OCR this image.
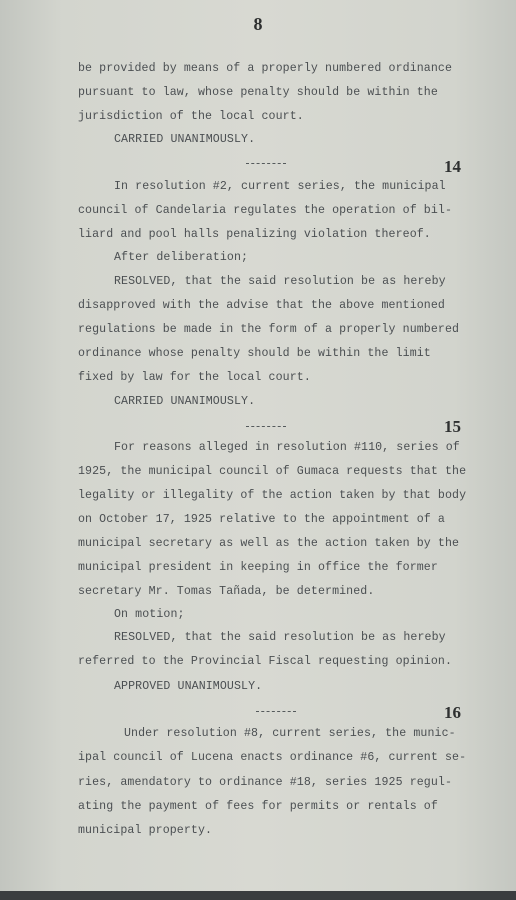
8
be provided by means of a properly numbered ordinance
pursuant to law, whose penalty should be within the
jurisdiction of the local court.
CARRIED UNANIMOUSLY.
14
In resolution #2, current series, the municipal
council of Candelaria regulates the operation of bil-
liard and pool halls penalizing violation thereof.
After deliberation;
RESOLVED, that the said resolution be as hereby
disapproved with the advise that the above mentioned
regulations be made in the form of a properly numbered
ordinance whose penalty should be within the limit
fixed by law for the local court.
CARRIED UNANIMOUSLY.
15
For reasons alleged in resolution #110, series of
1925, the municipal council of Gumaca requests that the
legality or illegality of the action taken by that body
on October 17, 1925 relative to the appointment of a
municipal secretary as well as the action taken by the
municipal president in keeping in office the former
secretary Mr. Tomas Tañada, be determined.
On motion;
RESOLVED, that the said resolution be as hereby
referred to the Provincial Fiscal requesting opinion.
APPROVED UNANIMOUSLY.
16
Under resolution #8, current series, the munic-
ipal council of Lucena enacts ordinance #6, current se-
ries, amendatory to ordinance #18, series 1925 regul-
ating the payment of fees for permits or rentals of
municipal property.
